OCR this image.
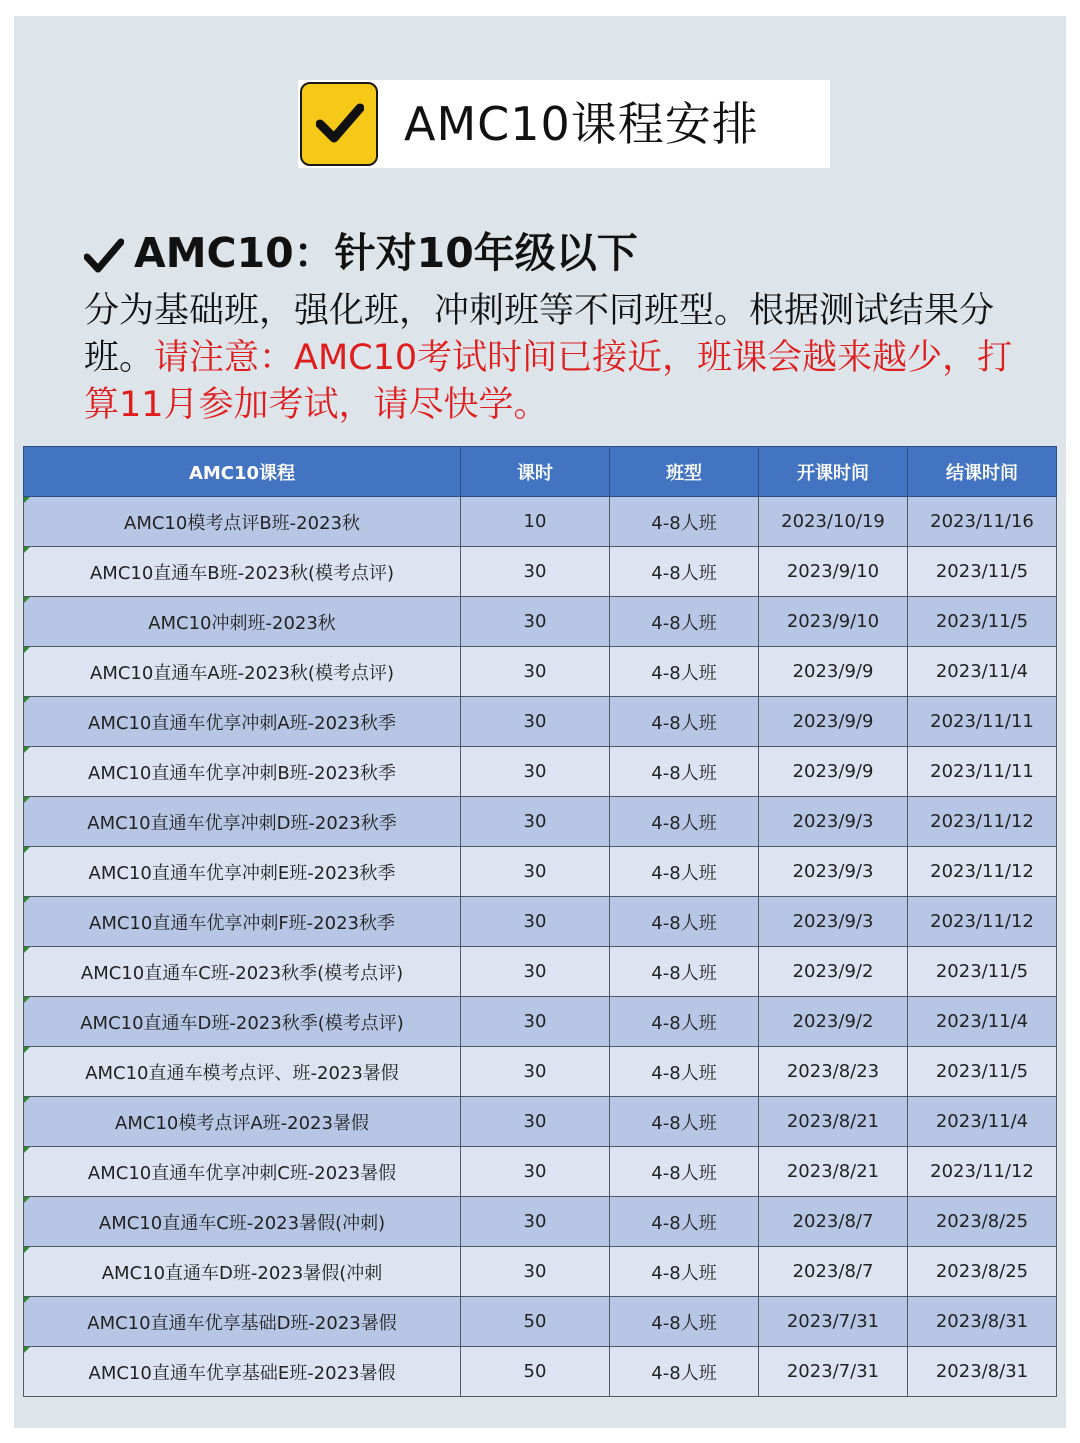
AMC10课程安排
AMC10：针对10年级以下
分为基础班，强化班，冲刺班等不同班型。根据测试结果分班。请注意：AMC10考试时间已接近，班课会越来越少，打算11月参加考试，请尽快学。
AMC10课程	课时	班型	开课时间	结课时间
AMC10模考点评B班-2023秋	10	4-8人班	2023/10/19	2023/11/16
AMC10直通车B班-2023秋(模考点评)	30	4-8人班	2023/9/10	2023/11/5
AMC10冲刺班-2023秋	30	4-8人班	2023/9/10	2023/11/5
AMC10直通车A班-2023秋(模考点评)	30	4-8人班	2023/9/9	2023/11/4
AMC10直通车优享冲刺A班-2023秋季	30	4-8人班	2023/9/9	2023/11/11
AMC10直通车优享冲刺B班-2023秋季	30	4-8人班	2023/9/9	2023/11/11
AMC10直通车优享冲刺D班-2023秋季	30	4-8人班	2023/9/3	2023/11/12
AMC10直通车优享冲刺E班-2023秋季	30	4-8人班	2023/9/3	2023/11/12
AMC10直通车优享冲刺F班-2023秋季	30	4-8人班	2023/9/3	2023/11/12
AMC10直通车C班-2023秋季(模考点评)	30	4-8人班	2023/9/2	2023/11/5
AMC10直通车D班-2023秋季(模考点评)	30	4-8人班	2023/9/2	2023/11/4
AMC10直通车模考点评、班-2023暑假	30	4-8人班	2023/8/23	2023/11/5
AMC10模考点评A班-2023暑假	30	4-8人班	2023/8/21	2023/11/4
AMC10直通车优享冲刺C班-2023暑假	30	4-8人班	2023/8/21	2023/11/12
AMC10直通车C班-2023暑假(冲刺)	30	4-8人班	2023/8/7	2023/8/25
AMC10直通车D班-2023暑假(冲刺	30	4-8人班	2023/8/7	2023/8/25
AMC10直通车优享基础D班-2023暑假	50	4-8人班	2023/7/31	2023/8/31
AMC10直通车优享基础E班-2023暑假	50	4-8人班	2023/7/31	2023/8/31
